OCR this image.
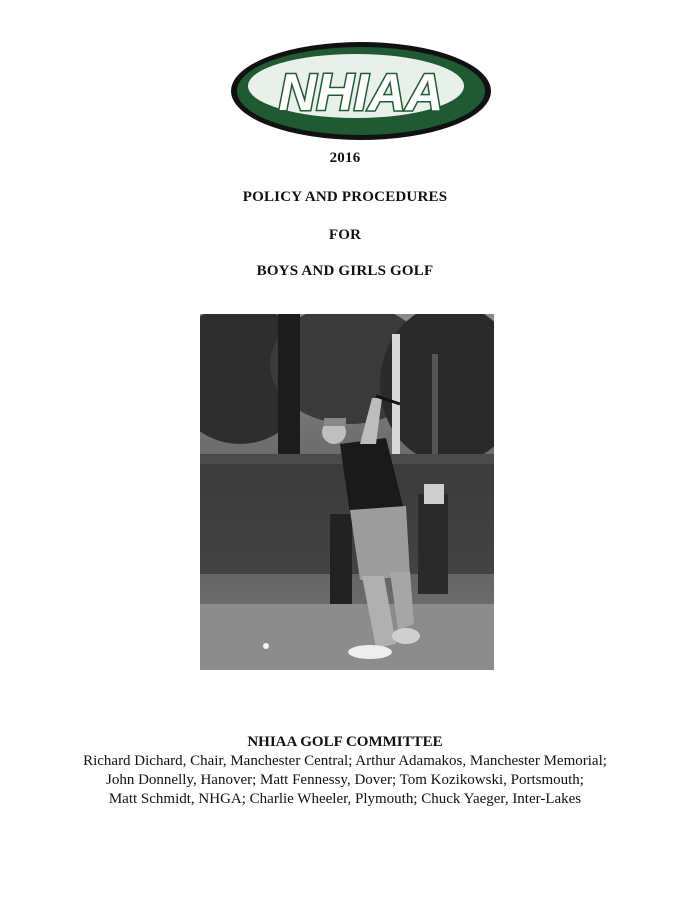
NHIAA
2016
POLICY AND PROCEDURES
FOR
BOYS AND GIRLS GOLF
NHIAA GOLF COMMITTEE
Richard Dichard, Chair, Manchester Central; Arthur Adamakos, Manchester Memorial;
John Donnelly, Hanover; Matt Fennessy, Dover; Tom Kozikowski, Portsmouth;
Matt Schmidt, NHGA; Charlie Wheeler, Plymouth; Chuck Yaeger, Inter-Lakes
